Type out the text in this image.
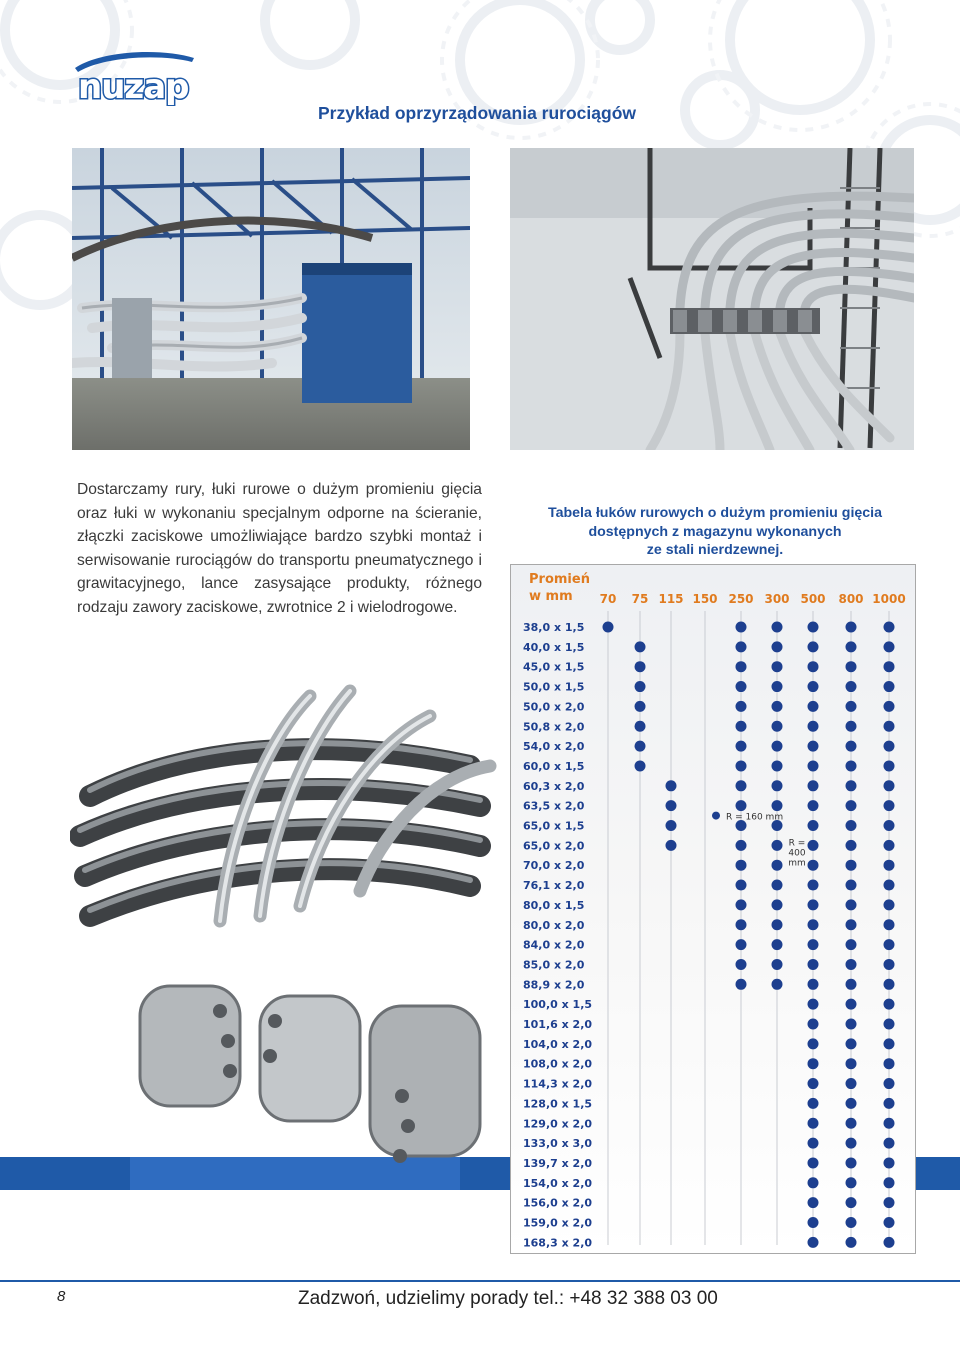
nuzap
Przykład oprzyrządowania rurociągów

Dostarczamy rury, łuki rurowe o dużym promieniu gięcia oraz łuki w wykonaniu specjalnym odporne na ścieranie, złączki zaciskowe umożliwiające bardzo szybki montaż i serwisowanie rurociągów do transportu pneumatycznego i grawitacyjnego, lance zasysające produkty, różnego rodzaju zawory zaciskowe, zwrotnice 2 i wielodrogowe.

Tabela łuków rurowych o dużym promieniu gięcia
dostępnych z magazynu wykonanych
ze stali nierdzewnej.
Promień
w mm 70 75 115 150 250 300 500 800 1000
38,0 x 1,5
40,0 x 1,5
45,0 x 1,5
50,0 x 1,5
50,0 x 2,0
50,8 x 2,0
54,0 x 2,0
60,0 x 1,5
60,3 x 2,0
63,5 x 2,0
65,0 x 1,5
65,0 x 2,0
70,0 x 2,0
76,1 x 2,0
80,0 x 1,5
80,0 x 2,0
84,0 x 2,0
85,0 x 2,0
88,9 x 2,0
100,0 x 1,5
101,6 x 2,0
104,0 x 2,0
108,0 x 2,0
114,3 x 2,0
128,0 x 1,5
129,0 x 2,0
133,0 x 3,0
139,7 x 2,0
154,0 x 2,0
156,0 x 2,0
159,0 x 2,0
168,3 x 2,0
R = 160 mm
R =
400
mm
8	Zadzwoń, udzielimy porady tel.: +48 32 388 03 00
